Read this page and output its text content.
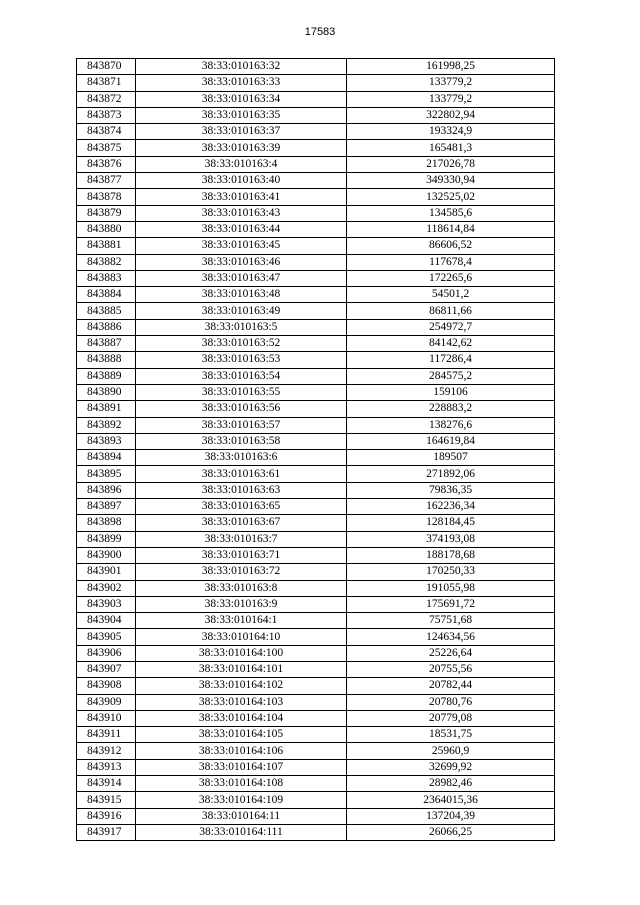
17583
843870	38:33:010163:32	161998,25
843871	38:33:010163:33	133779,2
843872	38:33:010163:34	133779,2
843873	38:33:010163:35	322802,94
843874	38:33:010163:37	193324,9
843875	38:33:010163:39	165481,3
843876	38:33:010163:4	217026,78
843877	38:33:010163:40	349330,94
843878	38:33:010163:41	132525,02
843879	38:33:010163:43	134585,6
843880	38:33:010163:44	118614,84
843881	38:33:010163:45	86606,52
843882	38:33:010163:46	117678,4
843883	38:33:010163:47	172265,6
843884	38:33:010163:48	54501,2
843885	38:33:010163:49	86811,66
843886	38:33:010163:5	254972,7
843887	38:33:010163:52	84142,62
843888	38:33:010163:53	117286,4
843889	38:33:010163:54	284575,2
843890	38:33:010163:55	159106
843891	38:33:010163:56	228883,2
843892	38:33:010163:57	138276,6
843893	38:33:010163:58	164619,84
843894	38:33:010163:6	189507
843895	38:33:010163:61	271892,06
843896	38:33:010163:63	79836,35
843897	38:33:010163:65	162236,34
843898	38:33:010163:67	128184,45
843899	38:33:010163:7	374193,08
843900	38:33:010163:71	188178,68
843901	38:33:010163:72	170250,33
843902	38:33:010163:8	191055,98
843903	38:33:010163:9	175691,72
843904	38:33:010164:1	75751,68
843905	38:33:010164:10	124634,56
843906	38:33:010164:100	25226,64
843907	38:33:010164:101	20755,56
843908	38:33:010164:102	20782,44
843909	38:33:010164:103	20780,76
843910	38:33:010164:104	20779,08
843911	38:33:010164:105	18531,75
843912	38:33:010164:106	25960,9
843913	38:33:010164:107	32699,92
843914	38:33:010164:108	28982,46
843915	38:33:010164:109	2364015,36
843916	38:33:010164:11	137204,39
843917	38:33:010164:111	26066,25
